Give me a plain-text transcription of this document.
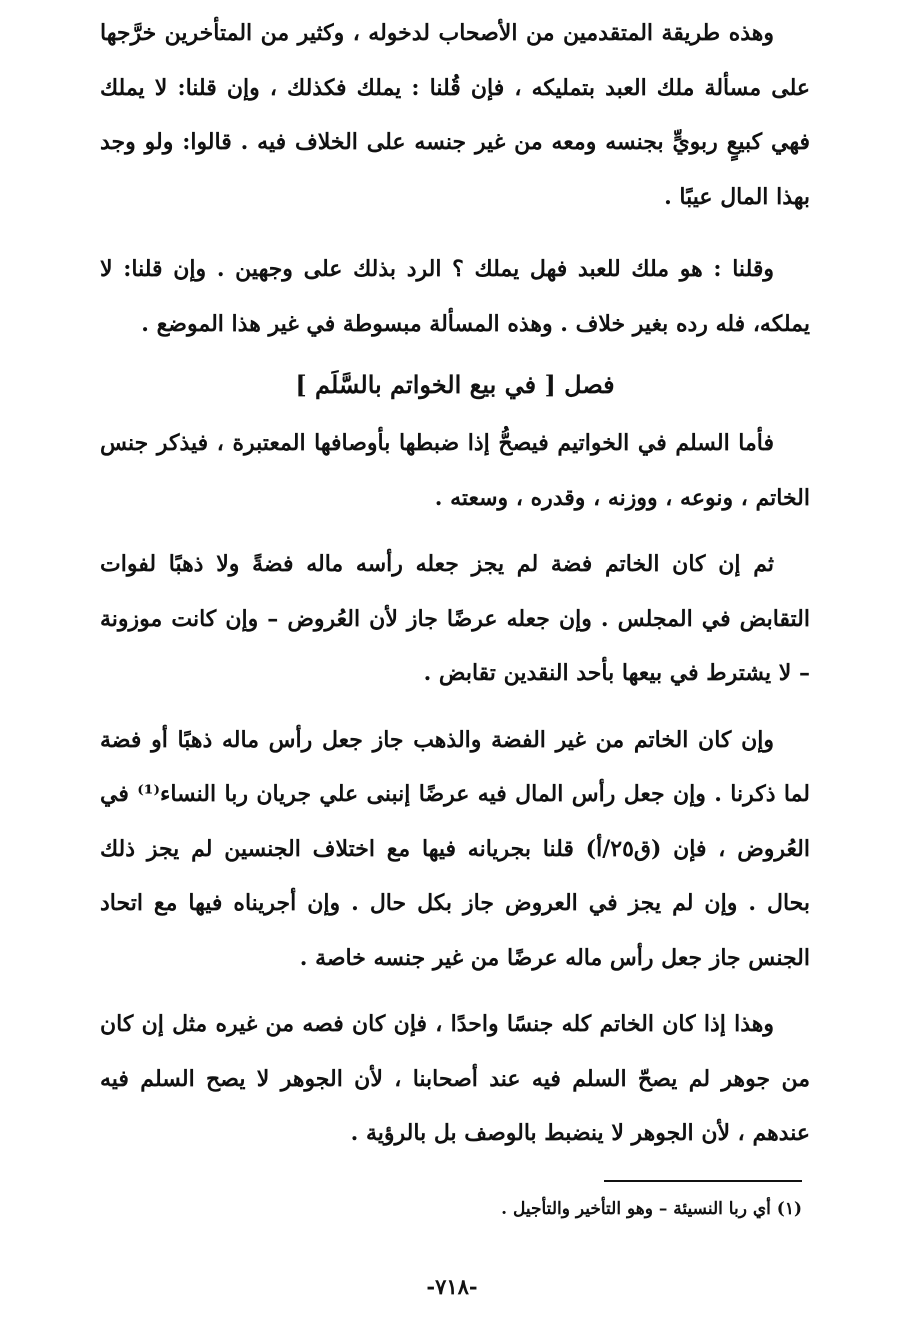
وهذه طريقة المتقدمين من الأصحاب لدخوله ، وكثير من المتأخرين خرَّجها على مسألة ملك العبد بتمليكه ، فإن قُلنا : يملك فكذلك ، وإن قلنا: لا يملك فهي كبيعٍ ربويٍّ بجنسه ومعه من غير جنسه على الخلاف فيه . قالوا: ولو وجد بهذا المال عيبًا .

وقلنا : هو ملك للعبد فهل يملك ؟ الرد بذلك على وجهين . وإن قلنا: لا يملكه، فله رده بغير خلاف . وهذه المسألة مبسوطة في غير هذا الموضع .

فصل [ في بيع الخواتم بالسَّلَم ]

فأما السلم في الخواتيم فيصحُّ إذا ضبطها بأوصافها المعتبرة ، فيذكر جنس الخاتم ، ونوعه ، ووزنه ، وقدره ، وسعته .

ثم إن كان الخاتم فضة لم يجز جعله رأسه ماله فضةً ولا ذهبًا لفوات التقابض في المجلس . وإن جعله عرضًا جاز لأن العُروض – وإن كانت موزونة – لا يشترط في بيعها بأحد النقدين تقابض .

وإن كان الخاتم من غير الفضة والذهب جاز جعل رأس ماله ذهبًا أو فضة لما ذكرنا . وإن جعل رأس المال فيه عرضًا إنبنى علي جريان ربا النساء⁽¹⁾ في العُروض ، فإن (ق٢٥/أ) قلنا بجريانه فيها مع اختلاف الجنسين لم يجز ذلك بحال . وإن لم يجز في العروض جاز بكل حال . وإن أجريناه فيها مع اتحاد الجنس جاز جعل رأس ماله عرضًا من غير جنسه خاصة .

وهذا إذا كان الخاتم كله جنسًا واحدًا ، فإن كان فصه من غيره مثل إن كان من جوهر لم يصحّ السلم فيه عند أصحابنا ، لأن الجوهر لا يصح السلم فيه عندهم ، لأن الجوهر لا ينضبط بالوصف بل بالرؤية .

(١) أي ربا النسيئة – وهو التأخير والتأجيل .
-٧١٨-
